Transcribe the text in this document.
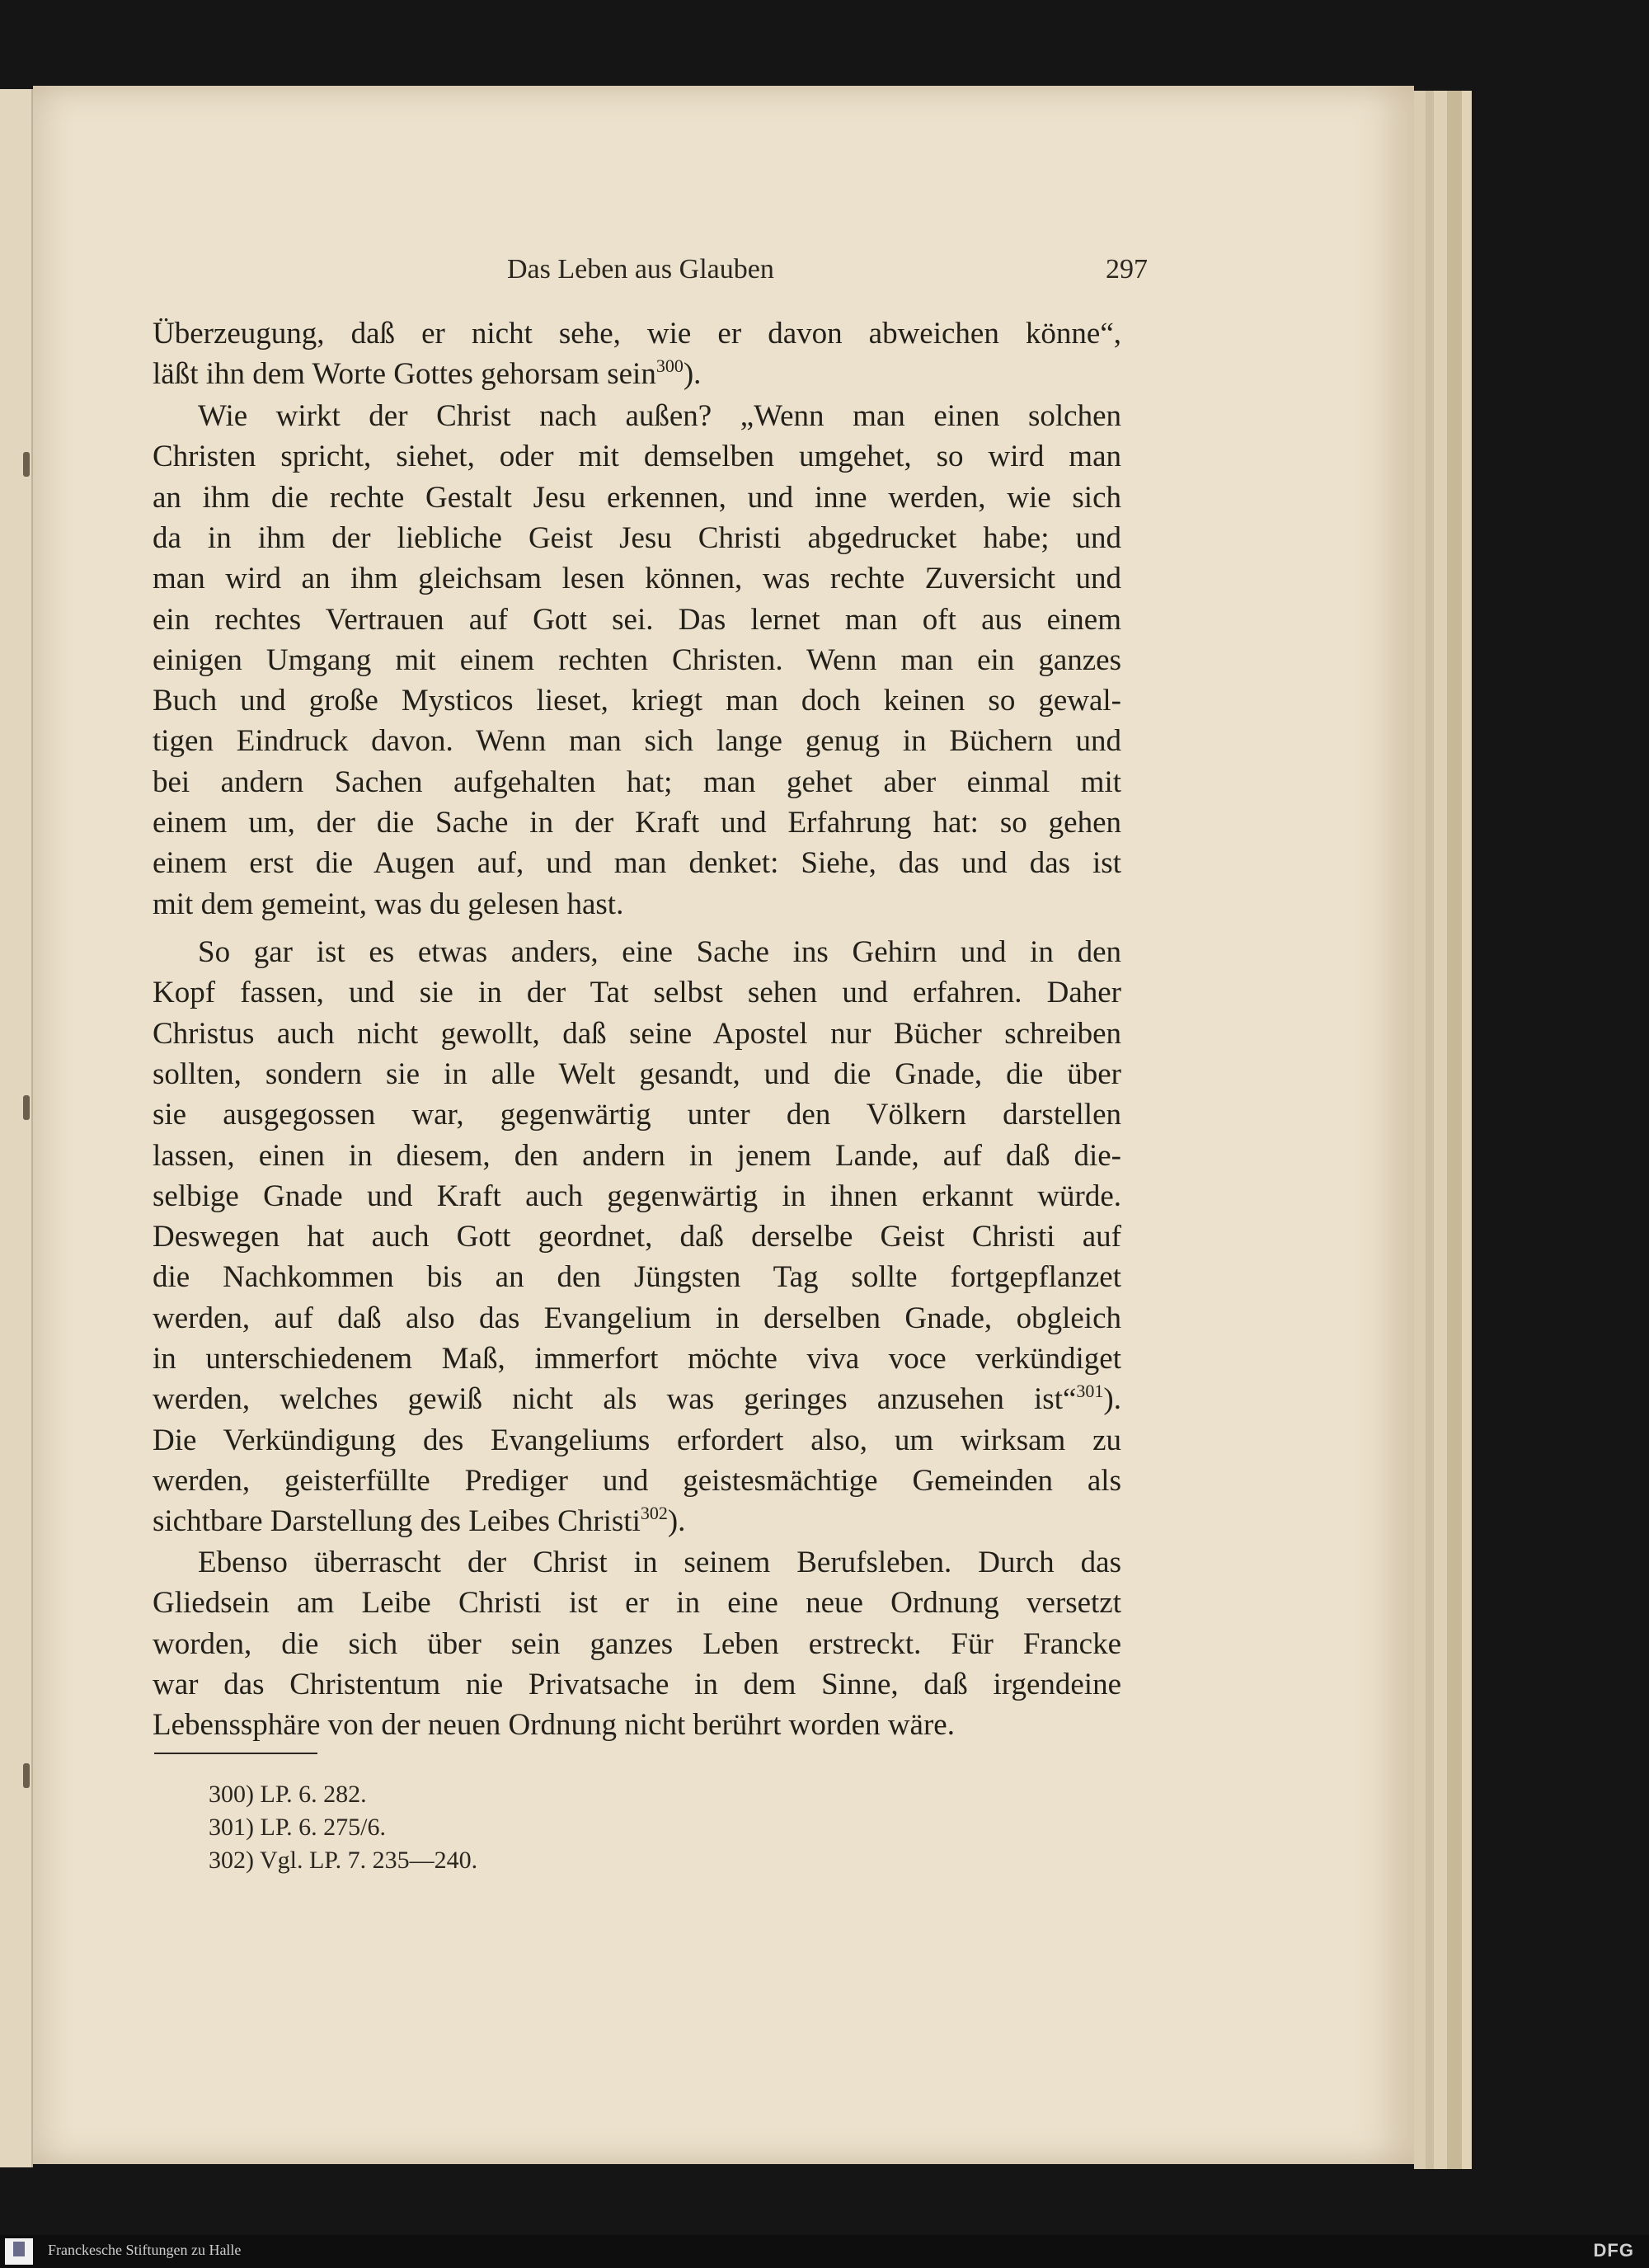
Das Leben aus Glauben	297
Überzeugung, daß er nicht sehe, wie er davon abweichen könne“,
läßt ihn dem Worte Gottes gehorsam sein$^{300}$).
Wie wirkt der Christ nach außen? „Wenn man einen solchen
Christen spricht, siehet, oder mit demselben umgehet, so wird man
an ihm die rechte Gestalt Jesu erkennen, und inne werden, wie sich
da in ihm der liebliche Geist Jesu Christi abgedrucket habe; und
man wird an ihm gleichsam lesen können, was rechte Zuversicht und
ein rechtes Vertrauen auf Gott sei. Das lernet man oft aus einem
einigen Umgang mit einem rechten Christen. Wenn man ein ganzes
Buch und große Mysticos lieset, kriegt man doch keinen so gewal-
tigen Eindruck davon. Wenn man sich lange genug in Büchern und
bei andern Sachen aufgehalten hat; man gehet aber einmal mit
einem um, der die Sache in der Kraft und Erfahrung hat: so gehen
einem erst die Augen auf, und man denket: Siehe, das und das ist
mit dem gemeint, was du gelesen hast.
So gar ist es etwas anders, eine Sache ins Gehirn und in den
Kopf fassen, und sie in der Tat selbst sehen und erfahren. Daher
Christus auch nicht gewollt, daß seine Apostel nur Bücher schreiben
sollten, sondern sie in alle Welt gesandt, und die Gnade, die über
sie ausgegossen war, gegenwärtig unter den Völkern darstellen
lassen, einen in diesem, den andern in jenem Lande, auf daß die-
selbige Gnade und Kraft auch gegenwärtig in ihnen erkannt würde.
Deswegen hat auch Gott geordnet, daß derselbe Geist Christi auf
die Nachkommen bis an den Jüngsten Tag sollte fortgepflanzet
werden, auf daß also das Evangelium in derselben Gnade, obgleich
in unterschiedenem Maß, immerfort möchte viva voce verkündiget
werden, welches gewiß nicht als was geringes anzusehen ist“$^{301}$).
Die Verkündigung des Evangeliums erfordert also, um wirksam zu
werden, geisterfüllte Prediger und geistesmächtige Gemeinden als
sichtbare Darstellung des Leibes Christi$^{302}$).
Ebenso überrascht der Christ in seinem Berufsleben. Durch das
Gliedsein am Leibe Christi ist er in eine neue Ordnung versetzt
worden, die sich über sein ganzes Leben erstreckt. Für Francke
war das Christentum nie Privatsache in dem Sinne, daß irgendeine
Lebenssphäre von der neuen Ordnung nicht berührt worden wäre.
300) LP. 6. 282.
301) LP. 6. 275/6.
302) Vgl. LP. 7. 235—240.
Franckesche Stiftungen zu Halle	DFG
